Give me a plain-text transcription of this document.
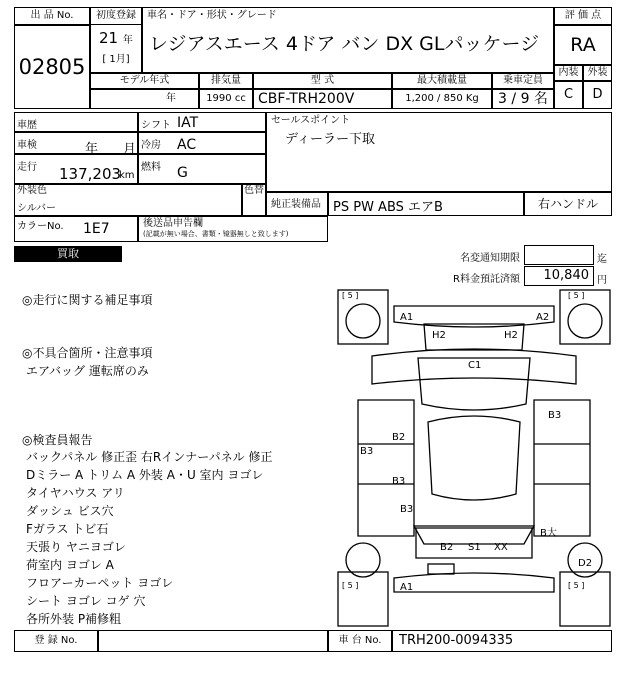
出 品 No.
02805
初度登録
21 年
[ 1月]
車名・ドア・形状・グレード
レジアスエース 4ドア バン DX GLパッケージ
評 価 点
RA
内装 外装
C	D
モデル年式	排気量	型 式	最大積載量	乗車定員
年	1990 cc CBF-TRH200V	1,200 / 850 Kg	3 / 9 名
車歴	シフト IAT	セールスポイント
ディーラー下取
車検	年 月 冷房 AC
走行 137,203
km
燃料 G
外装色
シルバー
色替
純正装備品 PS PW ABS エアB	右ハンドル
カラーNo. 1E7	後送品申告欄
(記載が無い場合、書類・镜器無しと致します)
買取	名変通知期限	迄
R料金預託済額	10,840 円
◎走行に関する補足事項
◎不具合箇所・注意事項
エアバッグ 運転席のみ
◎検査員報告
バックパネル 修正歪 右Rインナーパネル 修正
Dミラー A トリム A 外装 A・U 室内 ヨゴレ
タイヤハウス アリ
ダッシュ ビス穴
Fガラス トビ石
天張り ヤニヨゴレ
荷室内 ヨゴレ A
フロアーカーペット ヨゴレ
シート ヨゴレ コゲ 穴
各所外装 P補修粗
[ 5 ]	[ 5 ]
[ 5 ]	[ 5 ]
A1	A2
H2	H2
C1
B3
B2
B3
B3
B3
B大
B2 S1 XX
D2
A1
登 録 No.	車 台 No.	TRH200-0094335
